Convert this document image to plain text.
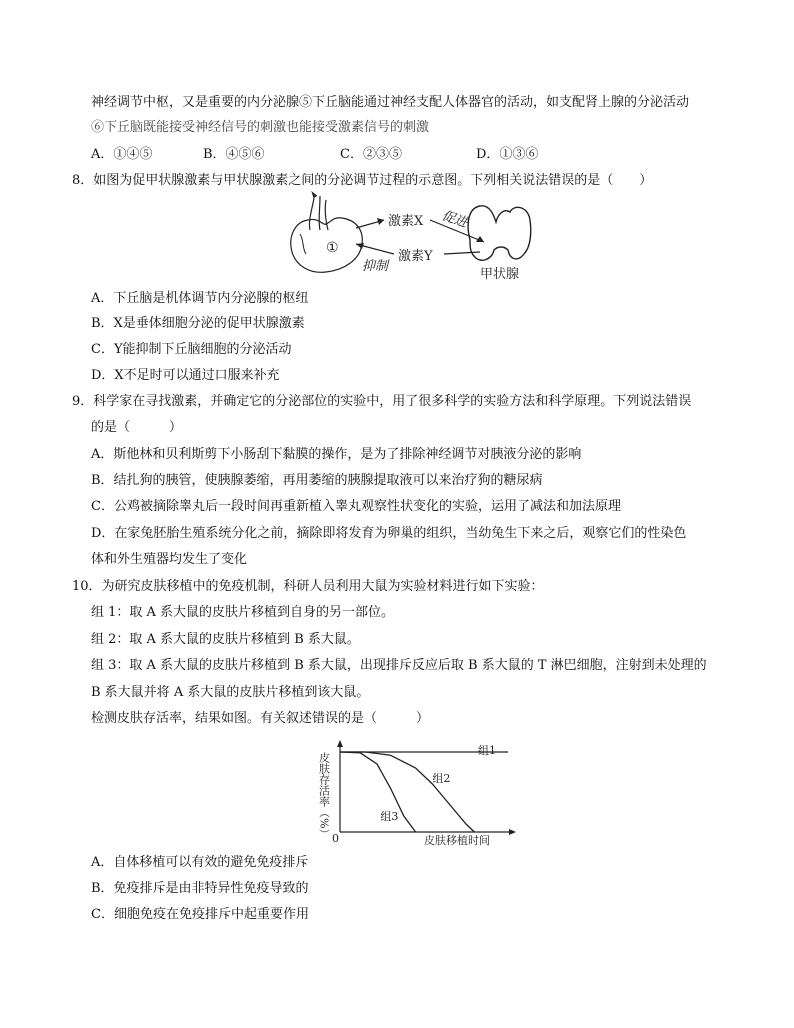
神经调节中枢，又是重要的内分泌腺⑤下丘脑能通过神经支配人体器官的活动，如支配肾上腺的分泌活动
⑥下丘脑既能接受神经信号的刺激也能接受激素信号的刺激
A．①④⑤	B．④⑤⑥	C．②③⑤	D．①③⑥
8．如图为促甲状腺激素与甲状腺激素之间的分泌调节过程的示意图。下列相关说法错误的是（　　）
①
激素X 促进
甲状腺
激素Y
抑制
A．下丘脑是机体调节内分泌腺的枢纽
B．X是垂体细胞分泌的促甲状腺激素
C．Y能抑制下丘脑细胞的分泌活动
D．X不足时可以通过口服来补充
9．科学家在寻找激素，并确定它的分泌部位的实验中，用了很多科学的实验方法和科学原理。下列说法错误
的是（　　　）
A．斯他林和贝利斯剪下小肠刮下黏膜的操作，是为了排除神经调节对胰液分泌的影响
B．结扎狗的胰管，使胰腺萎缩，再用萎缩的胰腺提取液可以来治疗狗的糖尿病
C．公鸡被摘除睾丸后一段时间再重新植入睾丸观察性状变化的实验，运用了减法和加法原理
D．在家兔胚胎生殖系统分化之前，摘除即将发育为卵巢的组织，当幼兔生下来之后，观察它们的性染色
体和外生殖器均发生了变化
10．为研究皮肤移植中的免疫机制，科研人员利用大鼠为实验材料进行如下实验：
组 1：取 A 系大鼠的皮肤片移植到自身的另一部位。
组 2：取 A 系大鼠的皮肤片移植到 B 系大鼠。
组 3：取 A 系大鼠的皮肤片移植到 B 系大鼠，出现排斥反应后取 B 系大鼠的 T 淋巴细胞，注射到未处理的
B 系大鼠并将 A 系大鼠的皮肤片移植到该大鼠。
检测皮肤存活率，结果如图。有关叙述错误的是（　　　）
皮肤存活率（%） 0	皮肤移植时间
组1
组2
组3
A．自体移植可以有效的避免免疫排斥
B．免疫排斥是由非特异性免疫导致的
C．细胞免疫在免疫排斥中起重要作用
